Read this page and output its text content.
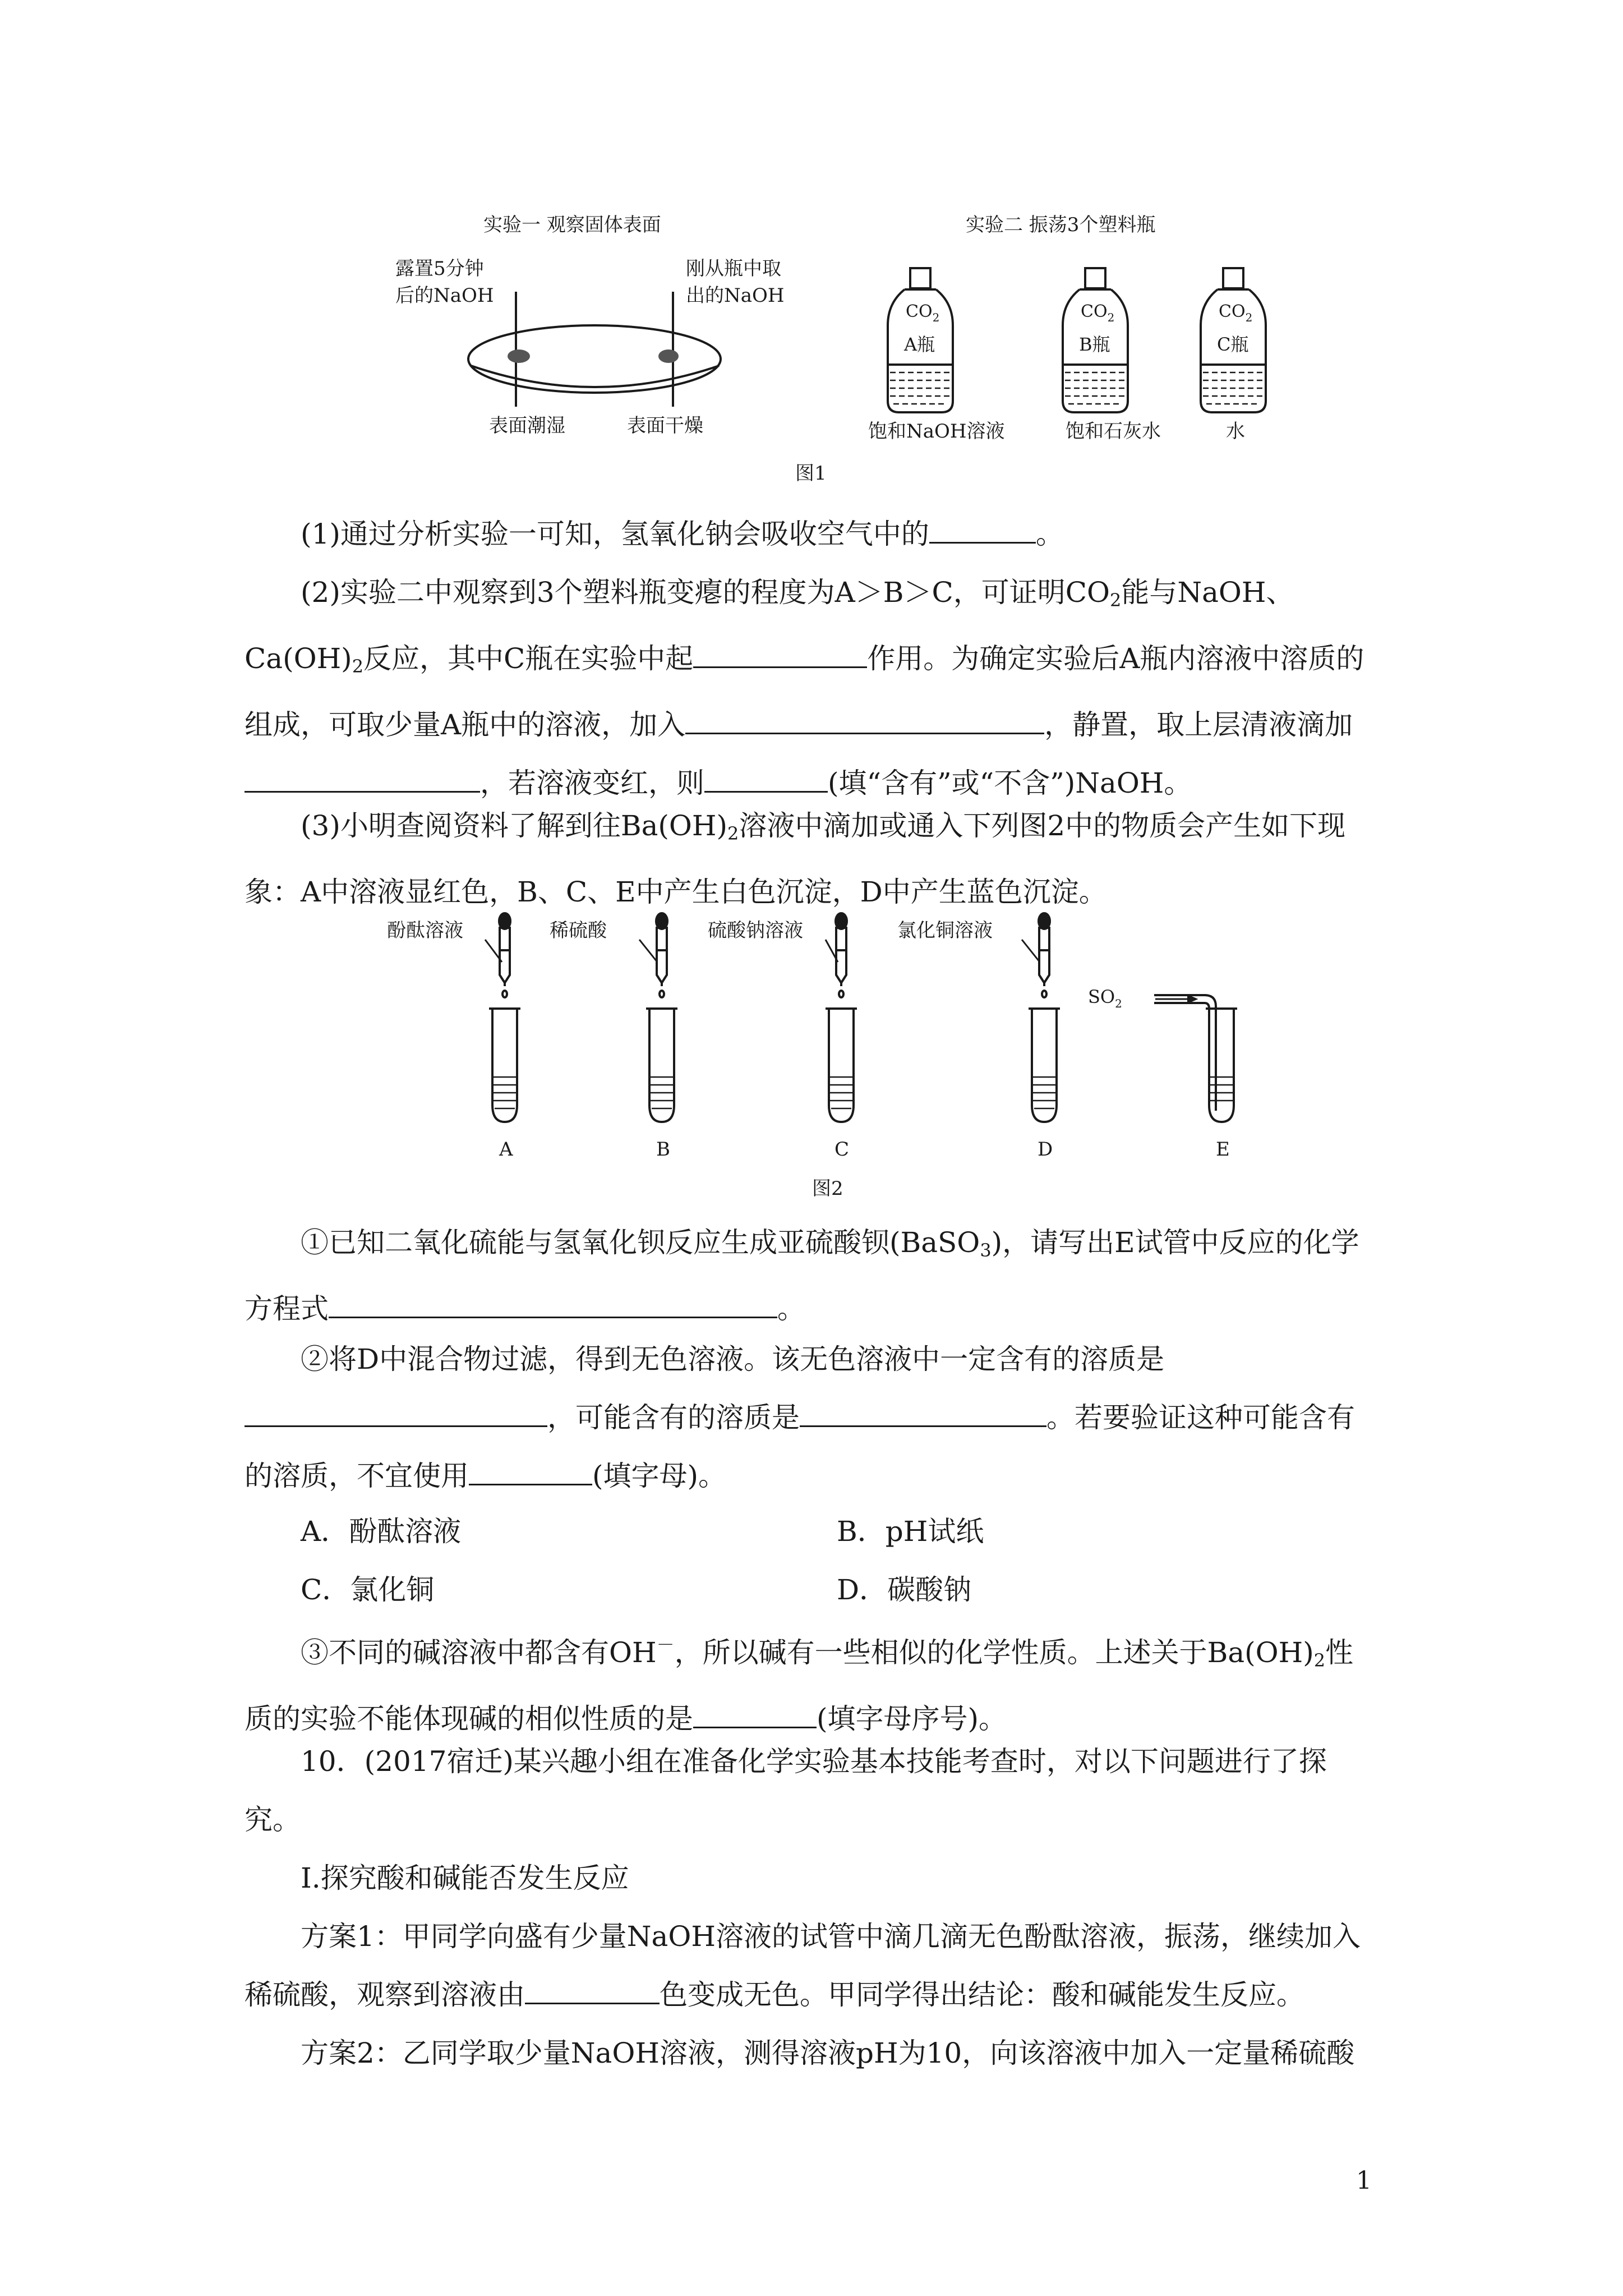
实验一 观察固体表面
露置5分钟
后的NaOH
刚从瓶中取
出的NaOH
表面潮湿	表面干燥
实验二 振荡3个塑料瓶
$CO_2$
A瓶
$CO_2$
B瓶
$CO_2$
C瓶
饱和NaOH溶液	饱和石灰水	水
图1

(1)通过分析实验一可知，氢氧化钠会吸收空气中的	。

(2)实验二中观察到3个塑料瓶变瘪的程度为A＞B＞C，可证明$CO_2$能与NaOH、$Ca(OH)_2$反应，其中C瓶在实验中起	作用。为确定实验后A瓶内溶液中溶质的组成，可取少量A瓶中的溶液，加入	，静置，取上层清液滴加，若溶液变红，则	(填“含有”或“不含”)NaOH。

(3)小明查阅资料了解到往$Ba(OH)_2$溶液中滴加或通入下列图2中的物质会产生如下现象：A中溶液显红色，B、C、E中产生白色沉淀，D中产生蓝色沉淀。

酚酞溶液	稀硫酸	硫酸钠溶液	氯化铜溶液
$SO_2$
A	B	C	D	E
图2

①已知二氧化硫能与氢氧化钡反应生成亚硫酸钡(BaSO$_3$)，请写出E试管中反应的化学方程式	。

②将D中混合物过滤，得到无色溶液。该无色溶液中一定含有的溶质是，可能含有的溶质是	。若要验证这种可能含有的溶质，不宜使用	(填字母)。

A．酚酞溶液	B．pH试纸
C．氯化铜	D．碳酸钠

③不同的碱溶液中都含有OH－，所以碱有一些相似的化学性质。上述关于$Ba(OH)_2$性质的实验不能体现碱的相似性质的是	(填字母序号)。

10．(2017宿迁)某兴趣小组在准备化学实验基本技能考查时，对以下问题进行了探究。

Ⅰ.探究酸和碱能否发生反应

方案1：甲同学向盛有少量NaOH溶液的试管中滴几滴无色酚酞溶液，振荡，继续加入稀硫酸，观察到溶液由	色变成无色。甲同学得出结论：酸和碱能发生反应。

方案2：乙同学取少量NaOH溶液，测得溶液pH为10，向该溶液中加入一定量稀硫酸

1
